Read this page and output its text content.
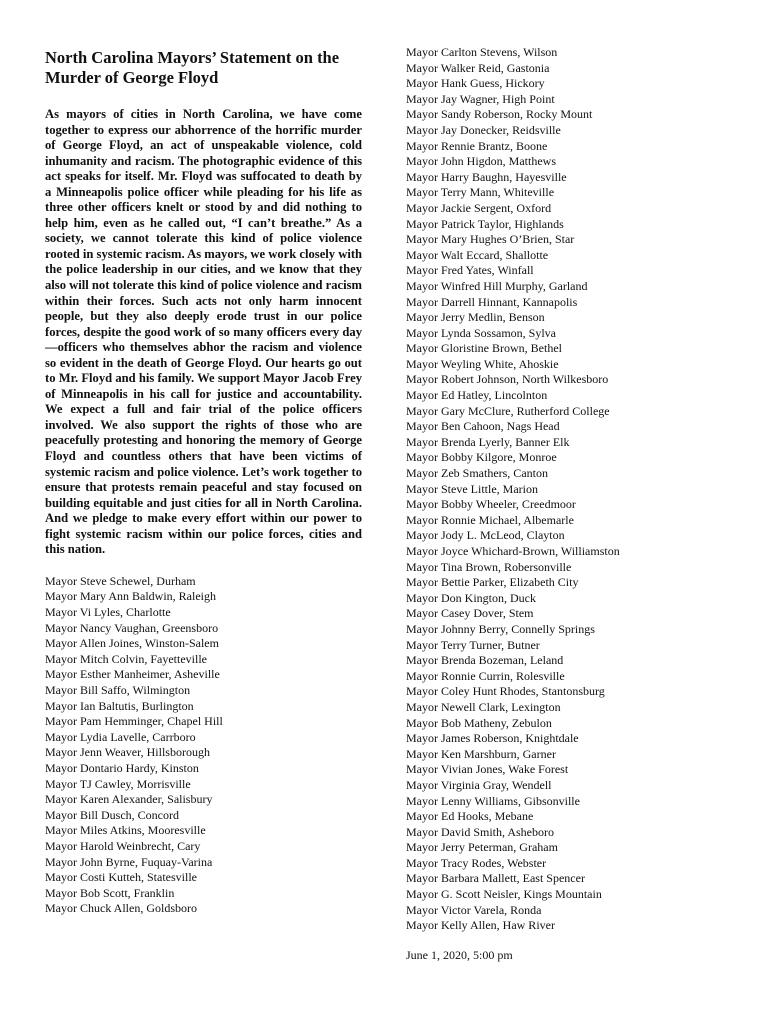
North Carolina Mayors’ Statement on the Murder of George Floyd

As mayors of cities in North Carolina, we have come together to express our abhorrence of the horrific murder of George Floyd, an act of unspeakable violence, cold inhumanity and racism. The photographic evidence of this act speaks for itself. Mr. Floyd was suffocated to death by a Minneapolis police officer while pleading for his life as three other officers knelt or stood by and did nothing to help him, even as he called out, “I can’t breathe.” As a society, we cannot tolerate this kind of police violence rooted in systemic racism. As mayors, we work closely with the police leadership in our cities, and we know that they also will not tolerate this kind of police violence and racism within their forces. Such acts not only harm innocent people, but they also deeply erode trust in our police forces, despite the good work of so many officers every day—officers who themselves abhor the racism and violence so evident in the death of George Floyd. Our hearts go out to Mr. Floyd and his family. We support Mayor Jacob Frey of Minneapolis in his call for justice and accountability. We expect a full and fair trial of the police officers involved. We also support the rights of those who are peacefully protesting and honoring the memory of George Floyd and countless others that have been victims of systemic racism and police violence. Let’s work together to ensure that protests remain peaceful and stay focused on building equitable and just cities for all in North Carolina. And we pledge to make every effort within our power to fight systemic racism within our police forces, cities and this nation.

Mayor Steve Schewel, Durham
Mayor Mary Ann Baldwin, Raleigh
Mayor Vi Lyles, Charlotte
Mayor Nancy Vaughan, Greensboro
Mayor Allen Joines, Winston-Salem
Mayor Mitch Colvin, Fayetteville
Mayor Esther Manheimer, Asheville
Mayor Bill Saffo, Wilmington
Mayor Ian Baltutis, Burlington
Mayor Pam Hemminger, Chapel Hill
Mayor Lydia Lavelle, Carrboro
Mayor Jenn Weaver, Hillsborough
Mayor Dontario Hardy, Kinston
Mayor TJ Cawley, Morrisville
Mayor Karen Alexander, Salisbury
Mayor Bill Dusch, Concord
Mayor Miles Atkins, Mooresville
Mayor Harold Weinbrecht, Cary
Mayor John Byrne, Fuquay-Varina
Mayor Costi Kutteh, Statesville
Mayor Bob Scott, Franklin
Mayor Chuck Allen, Goldsboro
Mayor Carlton Stevens, Wilson
Mayor Walker Reid, Gastonia
Mayor Hank Guess, Hickory
Mayor Jay Wagner, High Point
Mayor Sandy Roberson, Rocky Mount
Mayor Jay Donecker, Reidsville
Mayor Rennie Brantz, Boone
Mayor John Higdon, Matthews
Mayor Harry Baughn, Hayesville
Mayor Terry Mann, Whiteville
Mayor Jackie Sergent, Oxford
Mayor Patrick Taylor, Highlands
Mayor Mary Hughes O’Brien, Star
Mayor Walt Eccard, Shallotte
Mayor Fred Yates, Winfall
Mayor Winfred Hill Murphy, Garland
Mayor Darrell Hinnant, Kannapolis
Mayor Jerry Medlin, Benson
Mayor Lynda Sossamon, Sylva
Mayor Gloristine Brown, Bethel
Mayor Weyling White, Ahoskie
Mayor Robert Johnson, North Wilkesboro
Mayor Ed Hatley, Lincolnton
Mayor Gary McClure, Rutherford College
Mayor Ben Cahoon, Nags Head
Mayor Brenda Lyerly, Banner Elk
Mayor Bobby Kilgore, Monroe
Mayor Zeb Smathers, Canton
Mayor Steve Little, Marion
Mayor Bobby Wheeler, Creedmoor
Mayor Ronnie Michael, Albemarle
Mayor Jody L. McLeod, Clayton
Mayor Joyce Whichard-Brown, Williamston
Mayor Tina Brown, Robersonville
Mayor Bettie Parker, Elizabeth City
Mayor Don Kington, Duck
Mayor Casey Dover, Stem
Mayor Johnny Berry, Connelly Springs
Mayor Terry Turner, Butner
Mayor Brenda Bozeman, Leland
Mayor Ronnie Currin, Rolesville
Mayor Coley Hunt Rhodes, Stantonsburg
Mayor Newell Clark, Lexington
Mayor Bob Matheny, Zebulon
Mayor James Roberson, Knightdale
Mayor Ken Marshburn, Garner
Mayor Vivian Jones, Wake Forest
Mayor Virginia Gray, Wendell
Mayor Lenny Williams, Gibsonville
Mayor Ed Hooks, Mebane
Mayor David Smith, Asheboro
Mayor Jerry Peterman, Graham
Mayor Tracy Rodes, Webster
Mayor Barbara Mallett, East Spencer
Mayor G. Scott Neisler, Kings Mountain
Mayor Victor Varela, Ronda
Mayor Kelly Allen, Haw River
June 1, 2020, 5:00 pm
